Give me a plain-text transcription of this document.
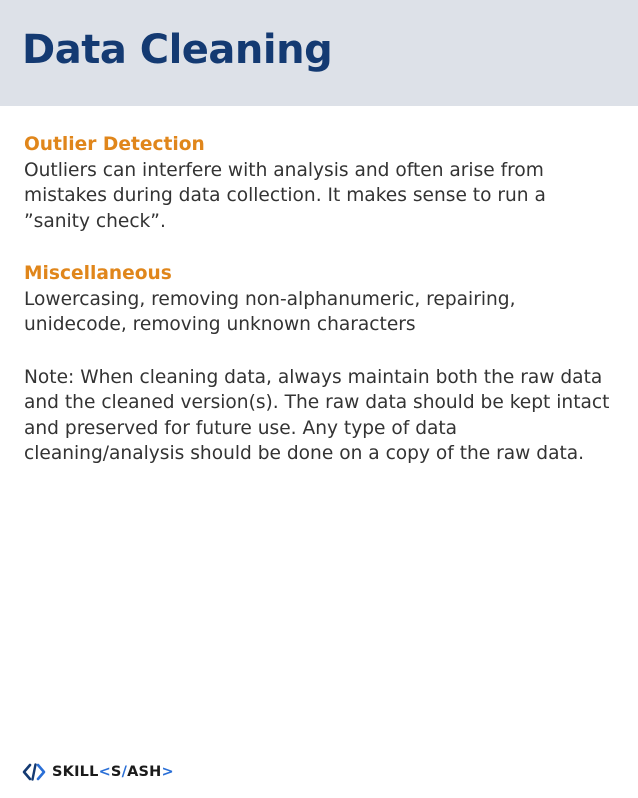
Data Cleaning
Outlier Detection
Outliers can interfere with analysis and often arise from mistakes during data collection. It makes sense to run a ”sanity check”.
Miscellaneous
Lowercasing, removing non-alphanumeric, repairing, unidecode, removing unknown characters
Note: When cleaning data, always maintain both the raw data and the cleaned version(s). The raw data should be kept intact and preserved for future use. Any type of data cleaning/analysis should be done on a copy of the raw data.
SKILL<S/ASH>
